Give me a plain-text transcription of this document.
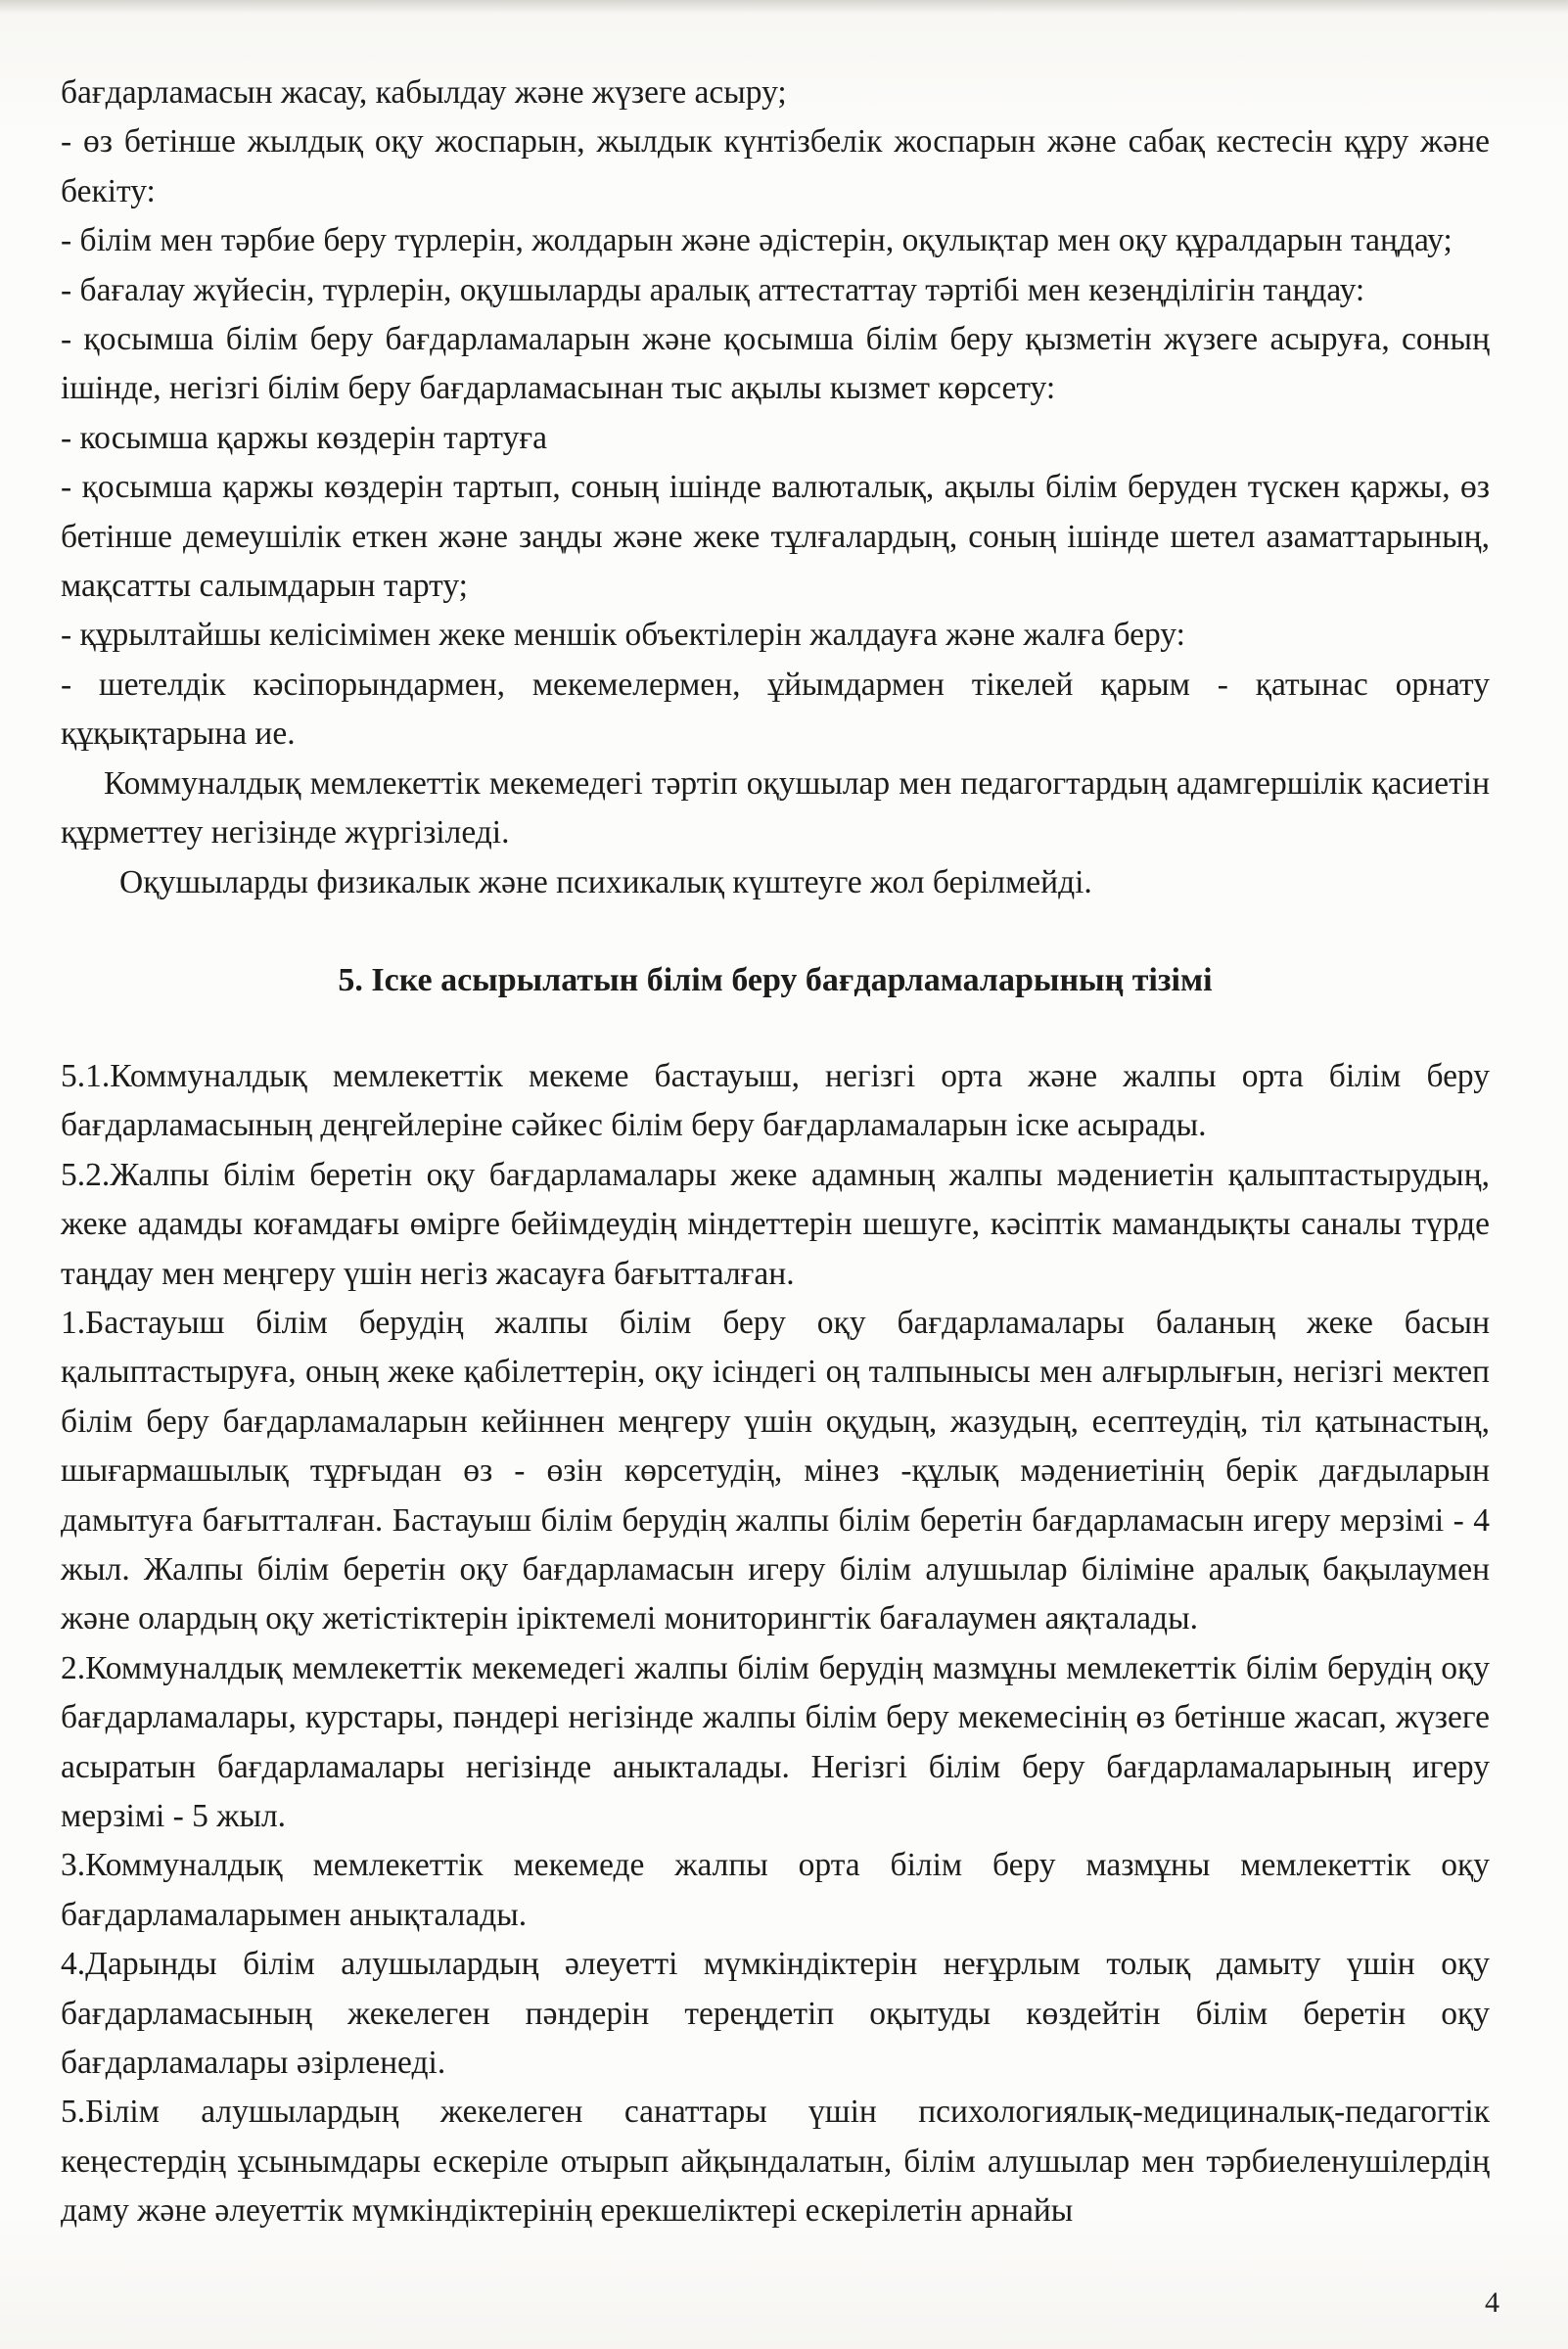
бағдарламасын жасау, кабылдау және жүзеге асыру;

- өз бетінше жылдық оқу жоспарын, жылдык күнтізбелік жоспарын және сабақ кестесін құру және бекіту:

- білім мен тәрбие беру түрлерін, жолдарын және әдістерін, оқулықтар мен оқу құралдарын таңдау;

- бағалау жүйесін, түрлерін, оқушыларды аралық аттестаттау тәртібі мен кезеңділігін таңдау:

- қосымша білім беру бағдарламаларын және қосымша білім беру қызметін жүзеге асыруға, соның ішінде, негізгі білім беру бағдарламасынан тыс ақылы кызмет көрсету:

- косымша қаржы көздерін тартуға

- қосымша қаржы көздерін тартып, соның ішінде валюталық, ақылы білім беруден түскен қаржы, өз бетінше демеушілік еткен және заңды және жеке тұлғалардың, соның ішінде шетел азаматтарының, мақсатты салымдарын тарту;

- құрылтайшы келісімімен жеке меншік объектілерін жалдауға және жалға беру:

- шетелдік кәсіпорындармен, мекемелермен, ұйымдармен тікелей қарым - қатынас орнату құқықтарына ие.

Коммуналдық мемлекеттік мекемедегі тәртіп оқушылар мен педагогтардың адамгершілік қасиетін құрметтеу негізінде жүргізіледі.

Оқушыларды физикалык және психикалық күштеуге жол берілмейді.

5. Іске асырылатын білім беру бағдарламаларының тізімі

5.1.Коммуналдық мемлекеттік мекеме бастауыш, негізгі орта және жалпы орта білім беру бағдарламасының деңгейлеріне сәйкес білім беру бағдарламаларын іске асырады.

5.2.Жалпы білім беретін оқу бағдарламалары жеке адамның жалпы мәдениетін қалыптастырудың, жеке адамды коғамдағы өмірге бейімдеудің міндеттерін шешуге, кәсіптік мамандықты саналы түрде таңдау мен меңгеру үшін негіз жасауға бағытталған.

1.Бастауыш білім берудің жалпы білім беру оқу бағдарламалары баланың жеке басын қалыптастыруға, оның жеке қабілеттерін, оқу ісіндегі оң талпынысы мен алғырлығын, негізгі мектеп білім беру бағдарламаларын кейіннен меңгеру үшін оқудың, жазудың, есептеудің, тіл қатынастың, шығармашылық тұрғыдан өз - өзін көрсетудің, мінез -құлық мәдениетінің берік дағдыларын дамытуға бағытталған. Бастауыш білім берудің жалпы білім беретін бағдарламасын игеру мерзімі - 4 жыл. Жалпы білім беретін оқу бағдарламасын игеру білім алушылар біліміне аралық бақылаумен және олардың оқу жетістіктерін іріктемелі мониторингтік бағалаумен аяқталады.

2.Коммуналдық мемлекеттік мекемедегі жалпы білім берудің мазмұны мемлекеттік білім берудің оқу бағдарламалары, курстары, пәндері негізінде жалпы білім беру мекемесінің өз бетінше жасап, жүзеге асыратын бағдарламалары негізінде аныкталады. Негізгі білім беру бағдарламаларының игеру мерзімі - 5 жыл.

3.Коммуналдық мемлекеттік мекемеде жалпы орта білім беру мазмұны мемлекеттік оқу бағдарламаларымен анықталады.

4.Дарынды білім алушылардың әлеуетті мүмкіндіктерін неғұрлым толық дамыту үшін оқу бағдарламасының жекелеген пәндерін тереңдетіп оқытуды көздейтін білім беретін оқу бағдарламалары әзірленеді.

5.Білім алушылардың жекелеген санаттары үшін психологиялық-медициналық-педагогтік кеңестердің ұсынымдары ескеріле отырып айқындалатын, білім алушылар мен тәрбиеленушілердің даму және әлеуеттік мүмкіндіктерінің ерекшеліктері ескерілетін арнайы

4
